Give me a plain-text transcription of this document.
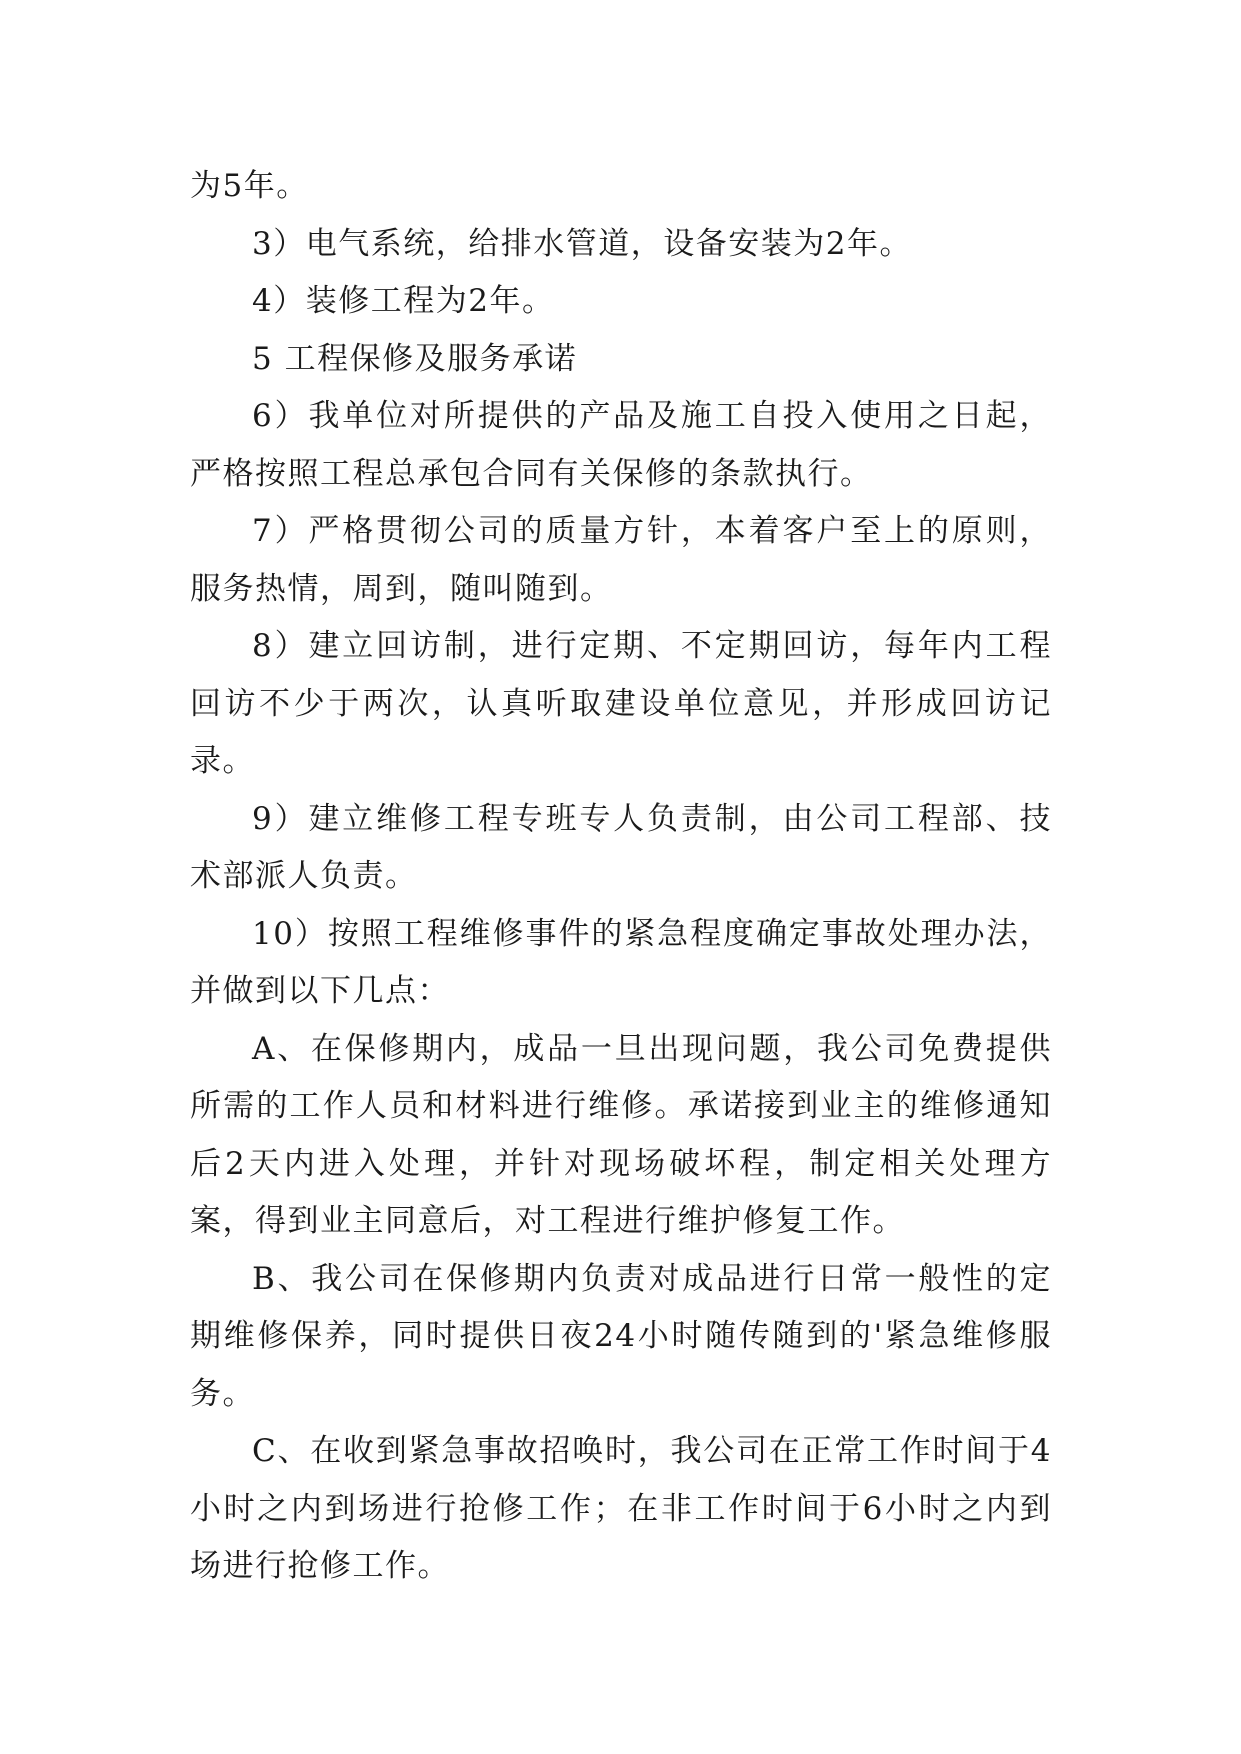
为5年。

3）电气系统，给排水管道，设备安装为2年。

4）装修工程为2年。

5 工程保修及服务承诺

6）我单位对所提供的产品及施工自投入使用之日起，严格按照工程总承包合同有关保修的条款执行。

7）严格贯彻公司的质量方针，本着客户至上的原则，服务热情，周到，随叫随到。

8）建立回访制，进行定期、不定期回访，每年内工程回访不少于两次，认真听取建设单位意见，并形成回访记录。

9）建立维修工程专班专人负责制，由公司工程部、技术部派人负责。

10）按照工程维修事件的紧急程度确定事故处理办法，并做到以下几点：

A、在保修期内，成品一旦出现问题，我公司免费提供所需的工作人员和材料进行维修。承诺接到业主的维修通知后2天内进入处理，并针对现场破坏程，制定相关处理方案，得到业主同意后，对工程进行维护修复工作。

B、我公司在保修期内负责对成品进行日常一般性的定期维修保养，同时提供日夜24小时随传随到的'紧急维修服务。

C、在收到紧急事故招唤时，我公司在正常工作时间于4小时之内到场进行抢修工作；在非工作时间于6小时之内到场进行抢修工作。
